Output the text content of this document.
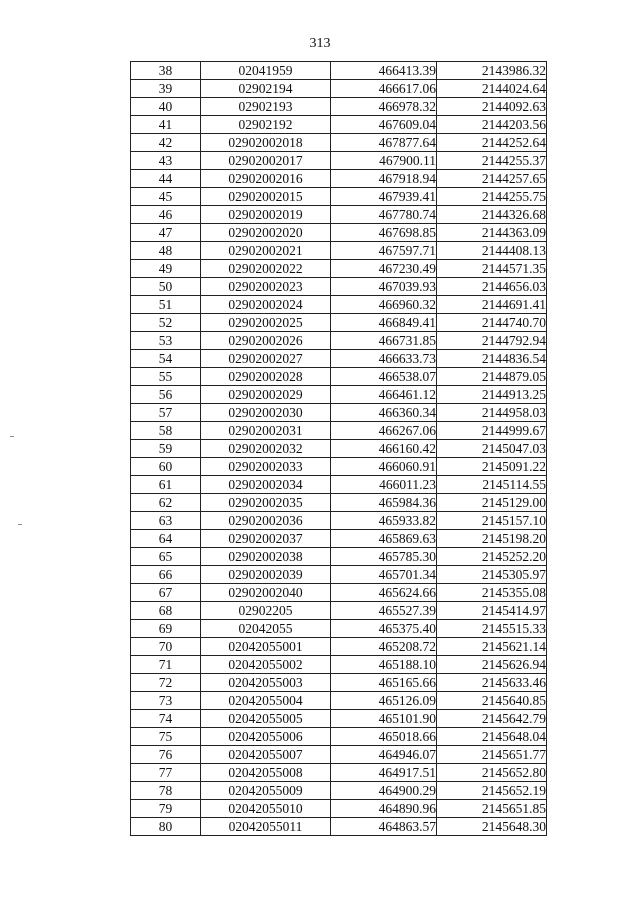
313
38	02041959	466413.39	2143986.32
39	02902194	466617.06	2144024.64
40	02902193	466978.32	2144092.63
41	02902192	467609.04	2144203.56
42	02902002018	467877.64	2144252.64
43	02902002017	467900.11	2144255.37
44	02902002016	467918.94	2144257.65
45	02902002015	467939.41	2144255.75
46	02902002019	467780.74	2144326.68
47	02902002020	467698.85	2144363.09
48	02902002021	467597.71	2144408.13
49	02902002022	467230.49	2144571.35
50	02902002023	467039.93	2144656.03
51	02902002024	466960.32	2144691.41
52	02902002025	466849.41	2144740.70
53	02902002026	466731.85	2144792.94
54	02902002027	466633.73	2144836.54
55	02902002028	466538.07	2144879.05
56	02902002029	466461.12	2144913.25
57	02902002030	466360.34	2144958.03
58	02902002031	466267.06	2144999.67
59	02902002032	466160.42	2145047.03
60	02902002033	466060.91	2145091.22
61	02902002034	466011.23	2145114.55
62	02902002035	465984.36	2145129.00
63	02902002036	465933.82	2145157.10
64	02902002037	465869.63	2145198.20
65	02902002038	465785.30	2145252.20
66	02902002039	465701.34	2145305.97
67	02902002040	465624.66	2145355.08
68	02902205	465527.39	2145414.97
69	02042055	465375.40	2145515.33
70	02042055001	465208.72	2145621.14
71	02042055002	465188.10	2145626.94
72	02042055003	465165.66	2145633.46
73	02042055004	465126.09	2145640.85
74	02042055005	465101.90	2145642.79
75	02042055006	465018.66	2145648.04
76	02042055007	464946.07	2145651.77
77	02042055008	464917.51	2145652.80
78	02042055009	464900.29	2145652.19
79	02042055010	464890.96	2145651.85
80	02042055011	464863.57	2145648.30
